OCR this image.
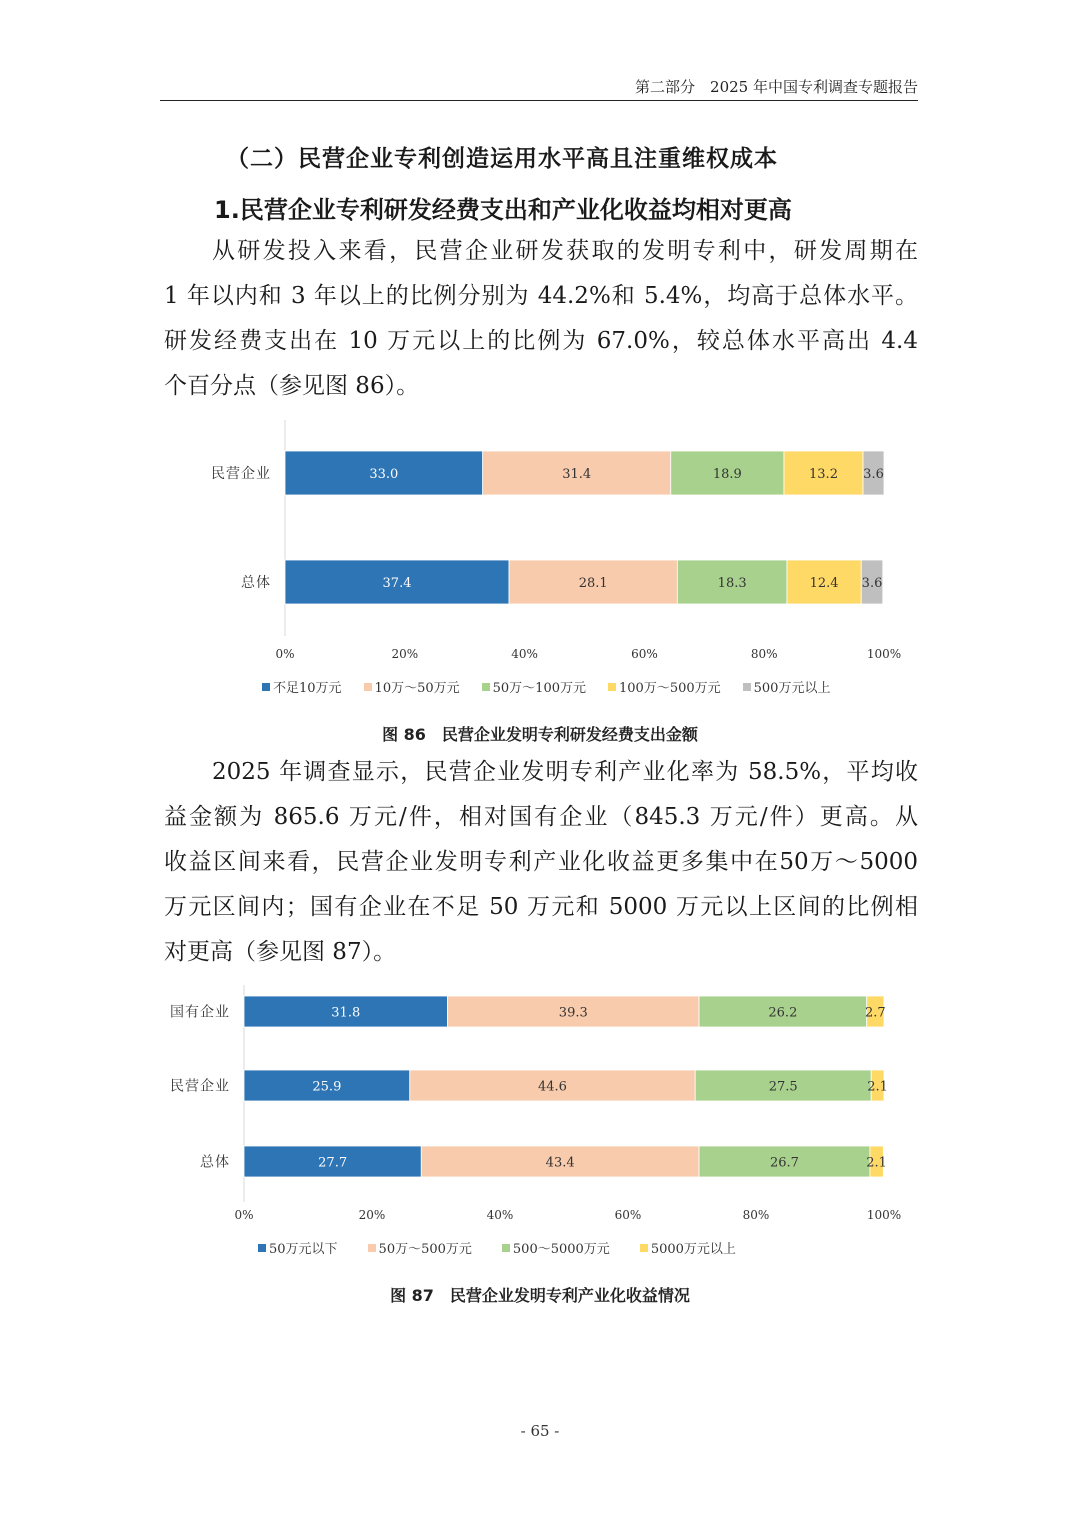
第二部分　2025 年中国专利调查专题报告
（二）民营企业专利创造运用水平高且注重维权成本
1.民营企业专利研发经费支出和产业化收益均相对更高

从研发投入来看，民营企业研发获取的发明专利中，研发周期在
1 年以内和 3 年以上的比例分别为 44.2%和 5.4%，均高于总体水平。
研发经费支出在 10 万元以上的比例为 67.0%，较总体水平高出 4.4
个百分点（参见图 86）。

33.0	31.4	18.9	13.2 3.6
民营企业
37.4	28.1	18.3	12.4 3.6
总体
0%	20%	40%	60%	80%	100%
不足10万元	10万～50万元	50万～100万元	100万～500万元	500万元以上
图 86　民营企业发明专利研发经费支出金额

2025 年调查显示，民营企业发明专利产业化率为 58.5%，平均收
益金额为 865.6 万元/件，相对国有企业（845.3 万元/件）更高。从
收益区间来看，民营企业发明专利产业化收益更多集中在50万～5000
万元区间内；国有企业在不足 50 万元和 5000 万元以上区间的比例相
对更高（参见图 87）。

31.8	39.3	26.2	2.7
国有企业
25.9	44.6	27.5	2.1
民营企业
27.7	43.4	26.7	2.1
总体
0%	20%	40%	60%	80%	100%
50万元以下	50万～500万元	500～5000万元	5000万元以上
图 87　民营企业发明专利产业化收益情况
- 65 -
